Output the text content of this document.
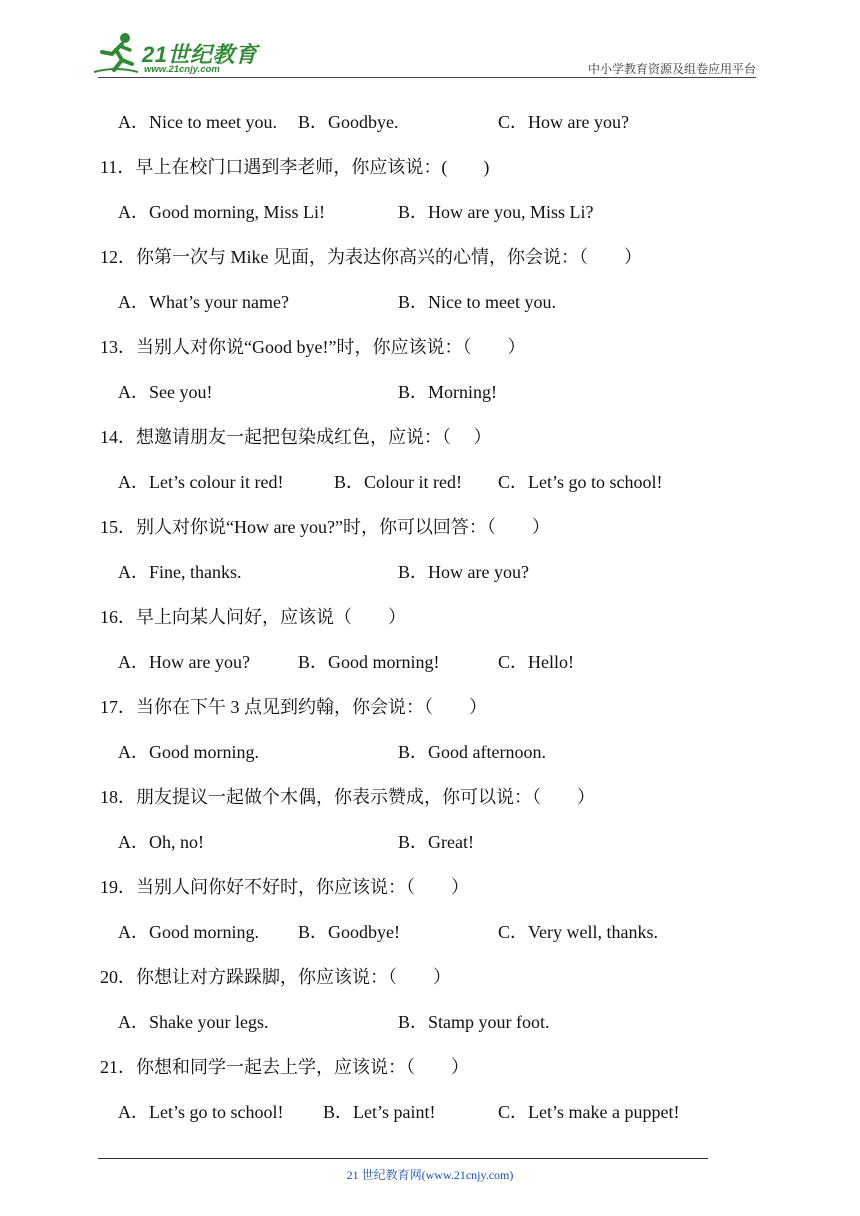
21世纪教育
www.21cnjy.com	中小学教育资源及组卷应用平台
A．Nice to meet you. B．Goodbye.	C．How are you?
11．早上在校门口遇到李老师，你应该说：(　　)
A．Good morning, Miss Li!	B．How are you, Miss Li?
12．你第一次与 Mike 见面，为表达你高兴的心情，你会说：（　　）
A．What’s your name?	B．Nice to meet you.
13．当别人对你说“Good bye!”时，你应该说：（　　）
A．See you!	B．Morning!
14．想邀请朋友一起把包染成红色，应说：（　 ）
A．Let’s colour it red!	B．Colour it red! C．Let’s go to school!
15．别人对你说“How are you?”时，你可以回答：（　　）
A．Fine, thanks.	B．How are you?
16．早上向某人问好，应该说（　　）
A．How are you?	B．Good morning!	C．Hello!
17．当你在下午 3 点见到约翰，你会说：（　　）
A．Good morning.	B．Good afternoon.
18．朋友提议一起做个木偶，你表示赞成，你可以说：（　　）
A．Oh, no!	B．Great!
19．当别人问你好不好时，你应该说：（　　）
A．Good morning. B．Goodbye!	C．Very well, thanks.
20．你想让对方跺跺脚，你应该说：（　　）
A．Shake your legs.	B．Stamp your foot.
21．你想和同学一起去上学，应该说：（　　）
A．Let’s go to school! B．Let’s paint!	C．Let’s make a puppet!
21 世纪教育网(www.21cnjy.com)
